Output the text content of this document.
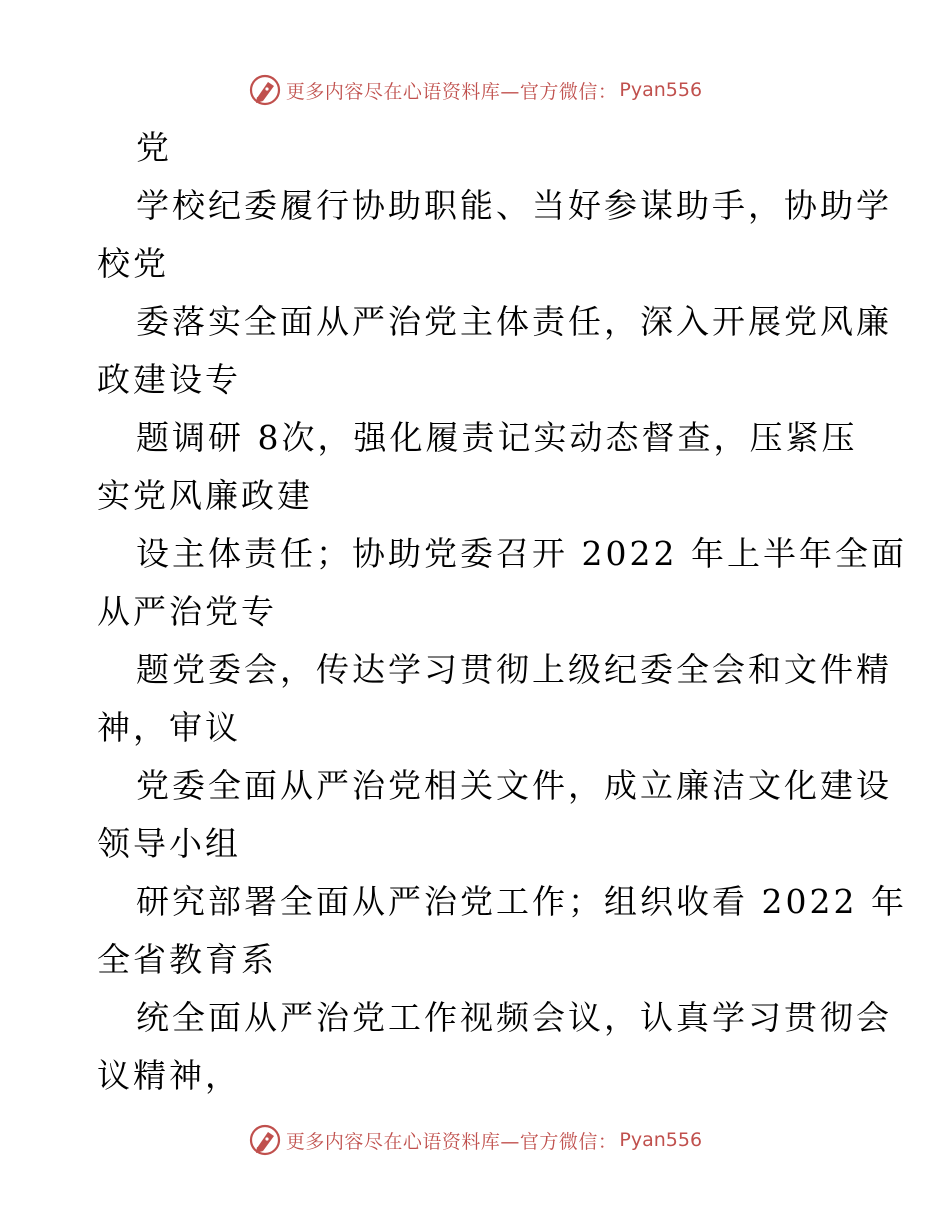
更多内容尽在心语资料库—官方微信： Pyan556
党
学校纪委履行协助职能、当好参谋助手，协助学
校党
委落实全面从严治党主体责任，深入开展党风廉
政建设专
题调研 8次，强化履责记实动态督查，压紧压
实党风廉政建
设主体责任；协助党委召开 2022 年上半年全面
从严治党专
题党委会，传达学习贯彻上级纪委全会和文件精
神，审议
党委全面从严治党相关文件，成立廉洁文化建设
领导小组
研究部署全面从严治党工作；组织收看 2022 年
全省教育系
统全面从严治党工作视频会议，认真学习贯彻会
议精神，
更多内容尽在心语资料库—官方微信： Pyan556
